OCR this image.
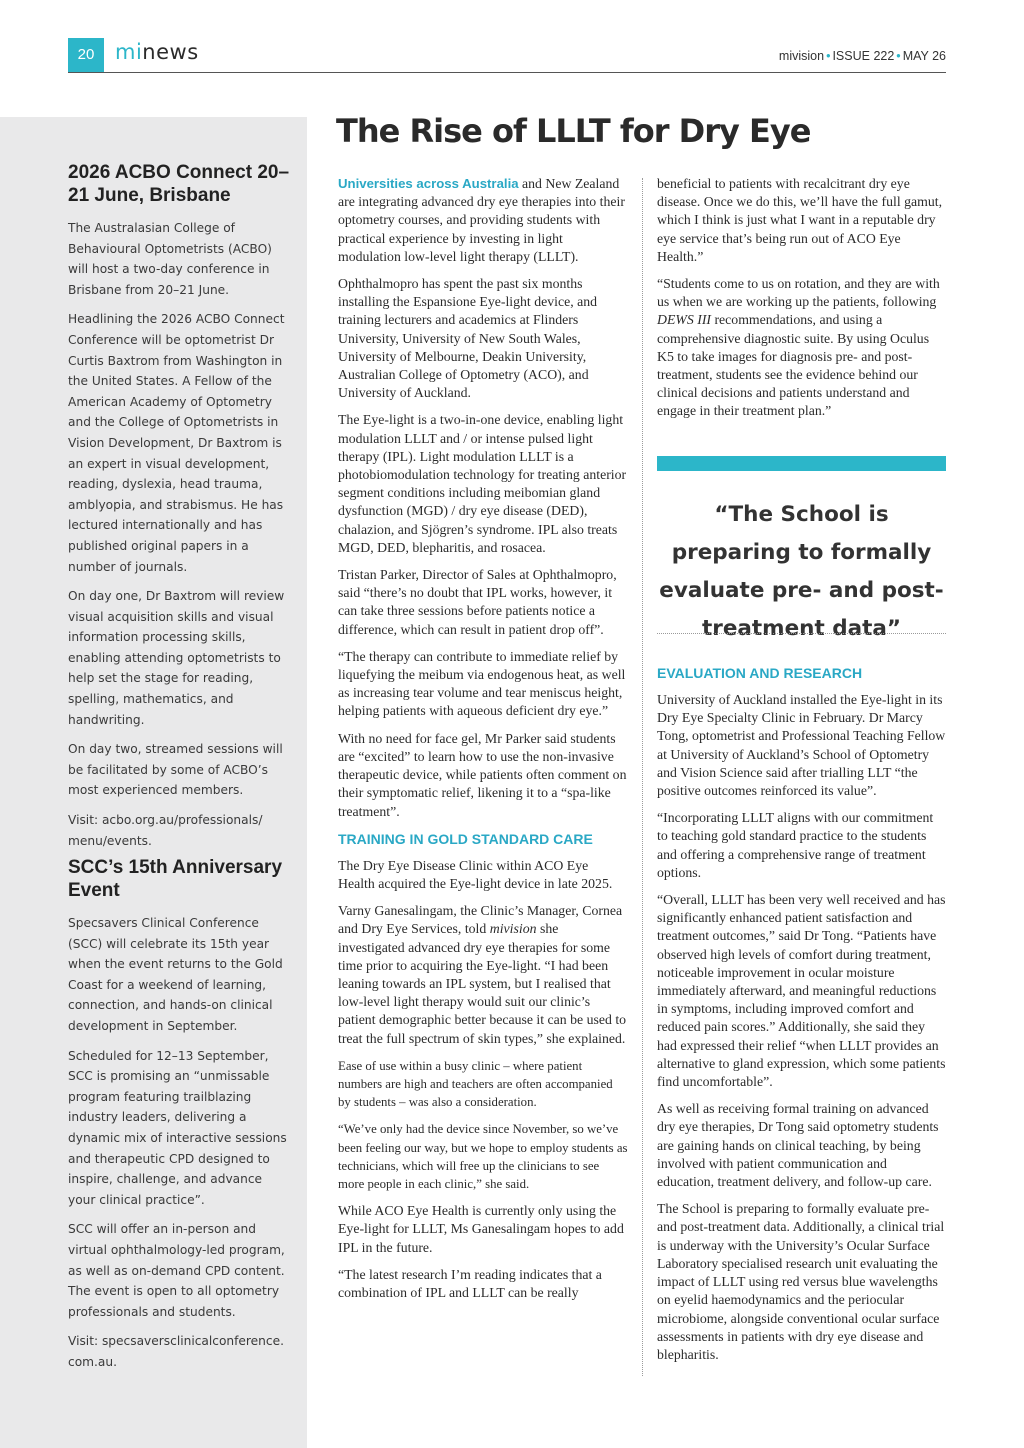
20 minews	mivision • ISSUE 222 • MAY 26
2026 ACBO Connect 20–21 June, Brisbane

The Australasian College of Behavioural Optometrists (ACBO) will host a two-day conference in Brisbane from 20–21 June.

Headlining the 2026 ACBO Connect Conference will be optometrist Dr Curtis Baxtrom from Washington in the United States. A Fellow of the American Academy of Optometry and the College of Optometrists in Vision Development, Dr Baxtrom is an expert in visual development, reading, dyslexia, head trauma, amblyopia, and strabismus. He has lectured internationally and has published original papers in a number of journals.

On day one, Dr Baxtrom will review visual acquisition skills and visual information processing skills, enabling attending optometrists to help set the stage for reading, spelling, mathematics, and handwriting.

On day two, streamed sessions will be facilitated by some of ACBO’s most experienced members.

Visit: acbo.org.au/professionals/ menu/events.

SCC’s 15th Anniversary Event

Specsavers Clinical Conference (SCC) will celebrate its 15th year when the event returns to the Gold Coast for a weekend of learning, connection, and hands-on clinical development in September.

Scheduled for 12–13 September, SCC is promising an “unmissable program featuring trailblazing industry leaders, delivering a dynamic mix of interactive sessions and therapeutic CPD designed to inspire, challenge, and advance your clinical practice”.

SCC will offer an in-person and virtual ophthalmology-led program, as well as on-demand CPD content. The event is open to all optometry professionals and students.

Visit: specsaversclinicalconference. com.au.

The Rise of LLLT for Dry Eye

Universities across Australia and New Zealand are integrating advanced dry eye therapies into their optometry courses, and providing students with practical experience by investing in light modulation low-level light therapy (LLLT).

Ophthalmopro has spent the past six months installing the Espansione Eye-light device, and training lecturers and academics at Flinders University, University of New South Wales, University of Melbourne, Deakin University, Australian College of Optometry (ACO), and University of Auckland.

The Eye-light is a two-in-one device, enabling light modulation LLLT and / or intense pulsed light therapy (IPL). Light modulation LLLT is a photobiomodulation technology for treating anterior segment conditions including meibomian gland dysfunction (MGD) / dry eye disease (DED), chalazion, and Sjögren’s syndrome. IPL also treats MGD, DED, blepharitis, and rosacea.

Tristan Parker, Director of Sales at Ophthalmopro, said “there’s no doubt that IPL works, however, it can take three sessions before patients notice a difference, which can result in patient drop off”.

“The therapy can contribute to immediate relief by liquefying the meibum via endogenous heat, as well as increasing tear volume and tear meniscus height, helping patients with aqueous deficient dry eye.”

With no need for face gel, Mr Parker said students are “excited” to learn how to use the non-invasive therapeutic device, while patients often comment on their symptomatic relief, likening it to a “spa-like treatment”.

TRAINING IN GOLD STANDARD CARE

The Dry Eye Disease Clinic within ACO Eye Health acquired the Eye-light device in late 2025.

Varny Ganesalingam, the Clinic’s Manager, Cornea and Dry Eye Services, told mivision she investigated advanced dry eye therapies for some time prior to acquiring the Eye-light. “I had been leaning towards an IPL system, but I realised that low-level light therapy would suit our clinic’s patient demographic better because it can be used to treat the full spectrum of skin types,” she explained.

Ease of use within a busy clinic – where patient numbers are high and teachers are often accompanied by students – was also a consideration.

“We’ve only had the device since November, so we’ve been feeling our way, but we hope to employ students as technicians, which will free up the clinicians to see more people in each clinic,” she said.

While ACO Eye Health is currently only using the Eye-light for LLLT, Ms Ganesalingam hopes to add IPL in the future.

“The latest research I’m reading indicates that a combination of IPL and LLLT can be really

beneficial to patients with recalcitrant dry eye disease. Once we do this, we’ll have the full gamut, which I think is just what I want in a reputable dry eye service that’s being run out of ACO Eye Health.”

“Students come to us on rotation, and they are with us when we are working up the patients, following DEWS III recommendations, and using a comprehensive diagnostic suite. By using Oculus K5 to take images for diagnosis pre- and post-treatment, students see the evidence behind our clinical decisions and patients understand and engage in their treatment plan.”

“The School is preparing to formally evaluate pre- and post-treatment data”

EVALUATION AND RESEARCH

University of Auckland installed the Eye-light in its Dry Eye Specialty Clinic in February. Dr Marcy Tong, optometrist and Professional Teaching Fellow at University of Auckland’s School of Optometry and Vision Science said after trialling LLT “the positive outcomes reinforced its value”.

“Incorporating LLLT aligns with our commitment to teaching gold standard practice to the students and offering a comprehensive range of treatment options.

“Overall, LLLT has been very well received and has significantly enhanced patient satisfaction and treatment outcomes,” said Dr Tong. “Patients have observed high levels of comfort during treatment, noticeable improvement in ocular moisture immediately afterward, and meaningful reductions in symptoms, including improved comfort and reduced pain scores.” Additionally, she said they had expressed their relief “when LLLT provides an alternative to gland expression, which some patients find uncomfortable”.

As well as receiving formal training on advanced dry eye therapies, Dr Tong said optometry students are gaining hands on clinical teaching, by being involved with patient communication and education, treatment delivery, and follow-up care.

The School is preparing to formally evaluate pre- and post-treatment data. Additionally, a clinical trial is underway with the University’s Ocular Surface Laboratory specialised research unit evaluating the impact of LLLT using red versus blue wavelengths on eyelid haemodynamics and the periocular microbiome, alongside conventional ocular surface assessments in patients with dry eye disease and blepharitis.
